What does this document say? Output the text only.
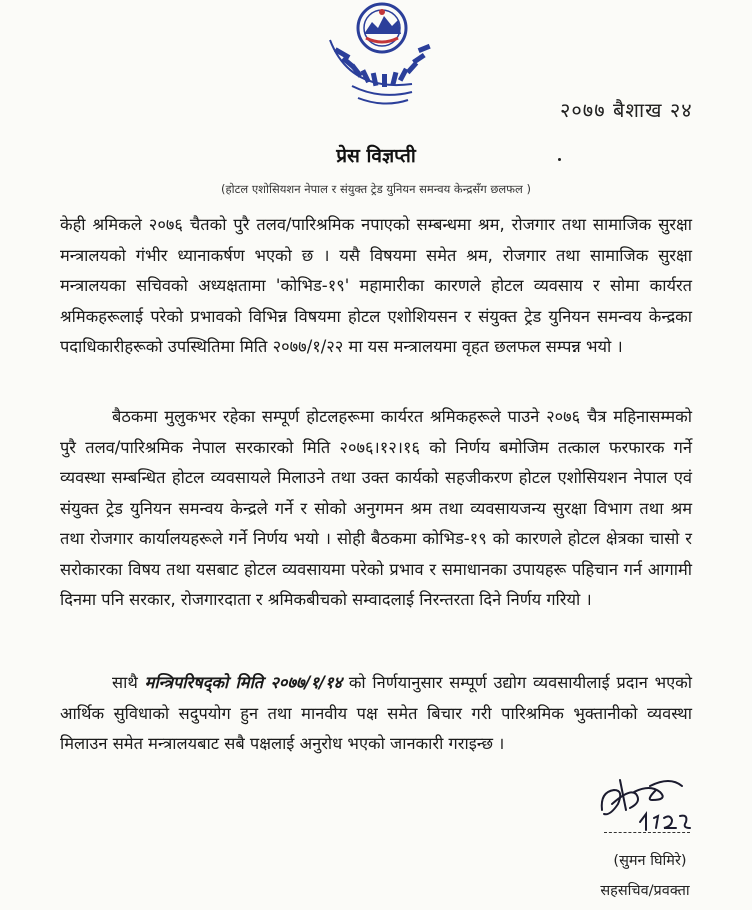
२०७७ बैशाख २४
प्रेस विज्ञप्ती
(होटल एशोसियशन नेपाल र संयुक्त ट्रेड युनियन समन्वय केन्द्रसँग छलफल )
केही श्रमिकले २०७६ चैतको पुरै तलव/पारिश्रमिक नपाएको सम्बन्धमा श्रम, रोजगार तथा सामाजिक सुरक्षा मन्त्रालयको गंभीर ध्यानाकर्षण भएको छ । यसै विषयमा समेत श्रम, रोजगार तथा सामाजिक सुरक्षा मन्त्रालयका सचिवको अध्यक्षतामा 'कोभिड-१९' महामारीका कारणले होटल व्यवसाय र सोमा कार्यरत श्रमिकहरूलाई परेको प्रभावको विभिन्न विषयमा होटल एशोशियसन र संयुक्त ट्रेड युनियन समन्वय केन्द्रका पदाधिकारीहरूको उपस्थितिमा मिति २०७७/१/२२ मा यस मन्त्रालयमा वृहत छलफल सम्पन्न भयो ।
बैठकमा मुलुकभर रहेका सम्पूर्ण होटलहरूमा कार्यरत श्रमिकहरूले पाउने २०७६ चैत्र महिनासम्मको पुरै तलव/पारिश्रमिक नेपाल सरकारको मिति २०७६।१२।१६ को निर्णय बमोजिम तत्काल फरफारक गर्ने व्यवस्था सम्बन्धित होटल व्यवसायले मिलाउने तथा उक्त कार्यको सहजीकरण होटल एशोसियशन नेपाल एवं संयुक्त ट्रेड युनियन समन्वय केन्द्रले गर्ने र सोको अनुगमन श्रम तथा व्यवसायजन्य सुरक्षा विभाग तथा श्रम तथा रोजगार कार्यालयहरूले गर्ने निर्णय भयो । सोही बैठकमा कोभिड-१९ को कारणले होटल क्षेत्रका चासो र सरोकारका विषय तथा यसबाट होटल व्यवसायमा परेको प्रभाव र समाधानका उपायहरू पहिचान गर्न आगामी दिनमा पनि सरकार, रोजगारदाता र श्रमिकबीचको सम्वादलाई निरन्तरता दिने निर्णय गरियो ।
साथै मन्त्रिपरिषद्को मिति २०७७/१/१४ को निर्णयानुसार सम्पूर्ण उद्योग व्यवसायीलाई प्रदान भएको आर्थिक सुविधाको सदुपयोग हुन तथा मानवीय पक्ष समेत बिचार गरी पारिश्रमिक भुक्तानीको व्यवस्था मिलाउन समेत मन्त्रालयबाट सबै पक्षलाई अनुरोध भएको जानकारी गराइन्छ ।
(सुमन घिमिरे)
सहसचिव/प्रवक्ता
